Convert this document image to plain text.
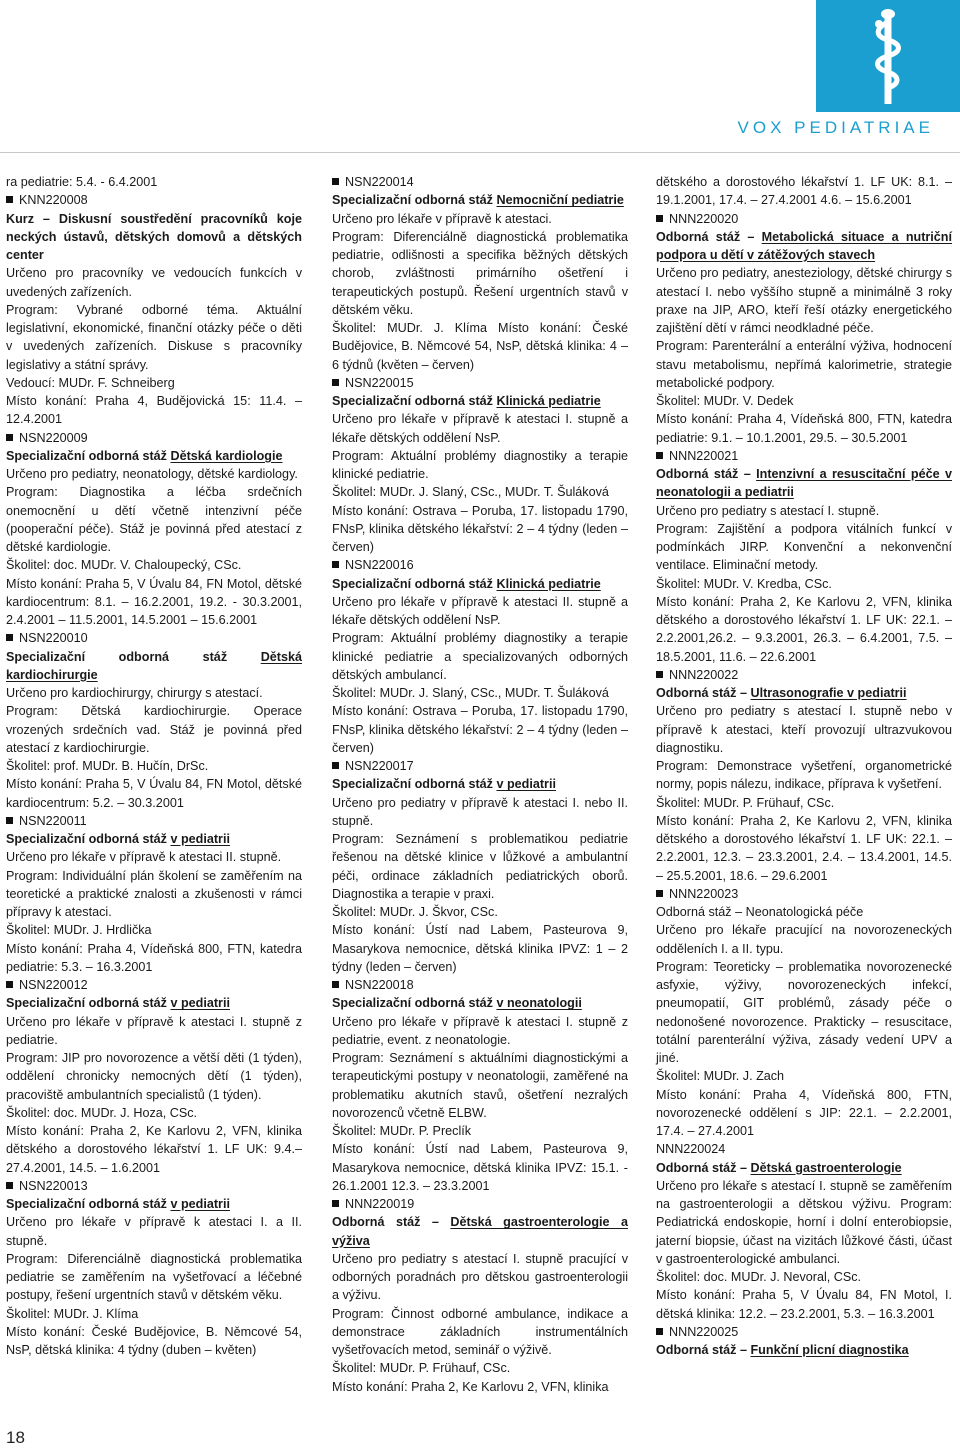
VOX PEDIATRIAE

ra pediatrie: 5.4. - 6.4.2001

KNN220008

Kurz – Diskusní soustředění pracovníků koje neckých ústavů, dětských domovů a dětských center

Určeno pro pracovníky ve vedoucích funkcích v uvedených zařízeních.

Program: Vybrané odborné téma. Aktuální legislativní, ekonomické, finanční otázky péče o děti v uvedených zařízeních. Diskuse s pracovníky legislativy a státní správy.

Vedoucí: MUDr. F. Schneiberg

Místo konání: Praha 4, Budějovická 15: 11.4. – 12.4.2001

NSN220009

Specializační odborná stáž Dětská kardiologie

Určeno pro pediatry, neonatology, dětské kardiology.

Program: Diagnostika a léčba srdečních onemocnění u dětí včetně intenzivní péče (pooperační péče). Stáž je povinná před atestací z dětské kardiologie.

Školitel: doc. MUDr. V. Chaloupecký, CSc.

Místo konání: Praha 5, V Úvalu 84, FN Motol, dětské kardiocentrum: 8.1. – 16.2.2001, 19.2. - 30.3.2001, 2.4.2001 – 11.5.2001, 14.5.2001 – 15.6.2001

NSN220010

Specializační odborná stáž Dětská kardiochirurgie

Určeno pro kardiochirurgy, chirurgy s atestací.

Program: Dětská kardiochirurgie. Operace vrozených srdečních vad. Stáž je povinná před atestací z kardiochirurgie.

Školitel: prof. MUDr. B. Hučín, DrSc.

Místo konání: Praha 5, V Úvalu 84, FN Motol, dětské kardiocentrum: 5.2. – 30.3.2001

NSN220011

Specializační odborná stáž v pediatrii

Určeno pro lékaře v přípravě k atestaci II. stupně.

Program: Individuální plán školení se zaměřením na teoretické a praktické znalosti a zkušenosti v rámci přípravy k atestaci.

Školitel: MUDr. J. Hrdlička

Místo konání: Praha 4, Vídeňská 800, FTN, katedra pediatrie: 5.3. – 16.3.2001

NSN220012

Specializační odborná stáž v pediatrii

Určeno pro lékaře v přípravě k atestaci I. stupně z pediatrie.

Program: JIP pro novorozence a větší děti (1 týden), oddělení chronicky nemocných dětí (1 týden), pracoviště ambulantních specialistů (1 týden).

Školitel: doc. MUDr. J. Hoza, CSc.

Místo konání: Praha 2, Ke Karlovu 2, VFN, klinika dětského a dorostového lékařství 1. LF UK: 9.4.– 27.4.2001, 14.5. – 1.6.2001

NSN220013

Specializační odborná stáž v pediatrii

Určeno pro lékaře v přípravě k atestaci I. a II. stupně.

Program: Diferenciálně diagnostická problematika pediatrie se zaměřením na vyšetřovací a léčebné postupy, řešení urgentních stavů v dětském věku.

Školitel: MUDr. J. Klíma

Místo konání: České Budějovice, B. Němcové 54, NsP, dětská klinika: 4 týdny (duben – květen)

NSN220014

Specializační odborná stáž Nemocniční pediatrie

Určeno pro lékaře v přípravě k atestaci.

Program: Diferenciálně diagnostická problematika pediatrie, odlišnosti a specifika běžných dětských chorob, zvláštnosti primárního ošetření i terapeutických postupů. Řešení urgentních stavů v dětském věku.

Školitel: MUDr. J. Klíma Místo konání: České Budějovice, B. Němcové 54, NsP, dětská klinika: 4 – 6 týdnů (květen – červen)

NSN220015

Specializační odborná stáž Klinická pediatrie

Určeno pro lékaře v přípravě k atestaci I. stupně a lékaře dětských oddělení NsP.

Program: Aktuální problémy diagnostiky a terapie klinické pediatrie.

Školitel: MUDr. J. Slaný, CSc., MUDr. T. Šuláková

Místo konání: Ostrava – Poruba, 17. listopadu 1790, FNsP, klinika dětského lékařství: 2 – 4 týdny (leden – červen)

NSN220016

Specializační odborná stáž Klinická pediatrie

Určeno pro lékaře v přípravě k atestaci II. stupně a lékaře dětských oddělení NsP.

Program: Aktuální problémy diagnostiky a terapie klinické pediatrie a specializovaných odborných dětských ambulancí.

Školitel: MUDr. J. Slaný, CSc., MUDr. T. Šuláková

Místo konání: Ostrava – Poruba, 17. listopadu 1790, FNsP, klinika dětského lékařství: 2 – 4 týdny (leden – červen)

NSN220017

Specializační odborná stáž v pediatrii

Určeno pro pediatry v přípravě k atestaci I. nebo II. stupně.

Program: Seznámení s problematikou pediatrie řešenou na dětské klinice v lůžkové a ambulantní péči, ordinace základních pediatrických oborů. Diagnostika a terapie v praxi.

Školitel: MUDr. J. Škvor, CSc.

Místo konání: Ústí nad Labem, Pasteurova 9, Masarykova nemocnice, dětská klinika IPVZ: 1 – 2 týdny (leden – červen)

NSN220018

Specializační odborná stáž v neonatologii

Určeno pro lékaře v přípravě k atestaci I. stupně z pediatrie, event. z neonatologie.

Program: Seznámení s aktuálními diagnostickými a terapeutickými postupy v neonatologii, zaměřené na problematiku akutních stavů, ošetření nezralých novorozenců včetně ELBW.

Školitel: MUDr. P. Preclík

Místo konání: Ústí nad Labem, Pasteurova 9, Masarykova nemocnice, dětská klinika IPVZ: 15.1. - 26.1.2001 12.3. – 23.3.2001

NNN220019

Odborná stáž – Dětská gastroenterologie a výživa

Určeno pro pediatry s atestací I. stupně pracující v odborných poradnách pro dětskou gastroenterologii a výživu.

Program: Činnost odborné ambulance, indikace a demonstrace základních instrumentálních vyšetřovacích metod, seminář o výživě.

Školitel: MUDr. P. Frühauf, CSc.

Místo konání: Praha 2, Ke Karlovu 2, VFN, klinika

dětského a dorostového lékařství 1. LF UK: 8.1. – 19.1.2001, 17.4. – 27.4.2001 4.6. – 15.6.2001

NNN220020

Odborná stáž – Metabolická situace a nutriční podpora u dětí v zátěžových stavech

Určeno pro pediatry, anesteziology, dětské chirurgy s atestací I. nebo vyššího stupně a minimálně 3 roky praxe na JIP, ARO, kteří řeší otázky energetického zajištění dětí v rámci neodkladné péče.

Program: Parenterální a enterální výživa, hodnocení stavu metabolismu, nepřímá kalorimetrie, strategie metabolické podpory.

Školitel: MUDr. V. Dedek

Místo konání: Praha 4, Vídeňská 800, FTN, katedra pediatrie: 9.1. – 10.1.2001, 29.5. – 30.5.2001

NNN220021

Odborná stáž – Intenzivní a resuscitační péče v neonatologii a pediatrii

Určeno pro pediatry s atestací I. stupně.

Program: Zajištění a podpora vitálních funkcí v podmínkách JIRP. Konvenční a nekonvenční ventilace. Eliminační metody.

Školitel: MUDr. V. Kredba, CSc.

Místo konání: Praha 2, Ke Karlovu 2, VFN, klinika dětského a dorostového lékařství 1. LF UK: 22.1. – 2.2.2001,26.2. – 9.3.2001, 26.3. – 6.4.2001, 7.5. – 18.5.2001, 11.6. – 22.6.2001

NNN220022

Odborná stáž – Ultrasonografie v pediatrii

Určeno pro pediatry s atestací I. stupně nebo v přípravě k atestaci, kteří provozují ultrazvukovou diagnostiku.

Program: Demonstrace vyšetření, organometrické normy, popis nálezu, indikace, příprava k vyšetření.

Školitel: MUDr. P. Frühauf, CSc.

Místo konání: Praha 2, Ke Karlovu 2, VFN, klinika dětského a dorostového lékařství 1. LF UK: 22.1. – 2.2.2001, 12.3. – 23.3.2001, 2.4. – 13.4.2001, 14.5. – 25.5.2001, 18.6. – 29.6.2001

NNN220023

Odborná stáž – Neonatologická péče

Určeno pro lékaře pracující na novorozeneckých odděleních I. a II. typu.

Program: Teoreticky – problematika novorozenecké asfyxie, výživy, novorozeneckých infekcí, pneumopatií, GIT problémů, zásady péče o nedonošené novorozence. Prakticky – resuscitace, totální parenterální výživa, zásady vedení UPV a jiné.

Školitel: MUDr. J. Zach

Místo konání: Praha 4, Vídeňská 800, FTN, novorozenecké oddělení s JIP: 22.1. – 2.2.2001, 17.4. – 27.4.2001

NNN220024

Odborná stáž – Dětská gastroenterologie

Určeno pro lékaře s atestací I. stupně se zaměřením na gastroenterologii a dětskou výživu. Program: Pediatrická endoskopie, horní i dolní enterobiopsie, jaterní biopsie, účast na vizitách lůžkové části, účast v gastroenterologické ambulanci.

Školitel: doc. MUDr. J. Nevoral, CSc.

Místo konání: Praha 5, V Úvalu 84, FN Motol, I. dětská klinika: 12.2. – 23.2.2001, 5.3. – 16.3.2001

NNN220025

Odborná stáž – Funkční plicní diagnostika

18
